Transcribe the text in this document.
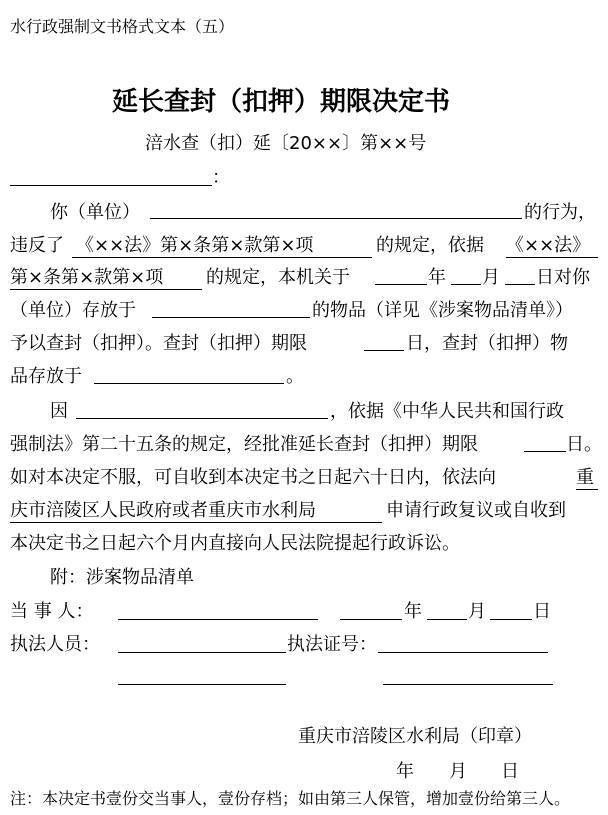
水行政强制文书格式文本（五）
延长查封（扣押）期限决定书
涪水查（扣）延〔20××〕第××号
：
你（单位）	的行为，
违反了 《××法》第×条第×款第×项	的规定，依据 《××法》
第×条第×款第×项	的规定，本机关于	年 月 日对你
（单位）存放于	的物品（详见《涉案物品清单》）
予以查封（扣押）。查封（扣押）期限	日，查封（扣押）物
品存放于	。
因	，依据《中华人民共和国行政
强制法》第二十五条的规定，经批准延长查封（扣押）期限	日。
如对本决定不服，可自收到本决定书之日起六十日内，依法向	重
庆市涪陵区人民政府或者重庆市水利局	申请行政复议或自收到
本决定书之日起六个月内直接向人民法院提起行政诉讼。
附：涉案物品清单
当 事 人：	年	月	日
执法人员：	执法证号：
重庆市涪陵区水利局（印章）
年 月 日
注：本决定书壹份交当事人，壹份存档；如由第三人保管，增加壹份给第三人。
